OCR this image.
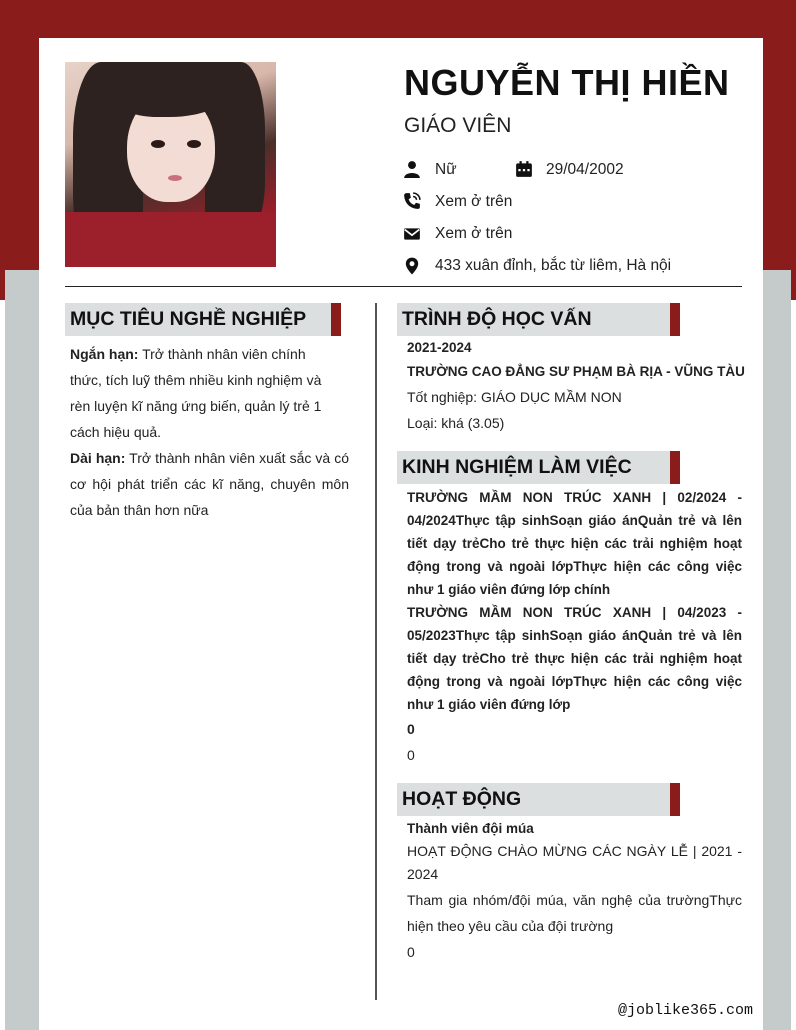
NGUYỄN THỊ HIỀN
GIÁO VIÊN
Nữ	29/04/2002
Xem ở trên
Xem ở trên
433 xuân đỉnh, bắc từ liêm, Hà nội
MỤC TIÊU NGHỀ NGHIỆP
Ngắn hạn: Trở thành nhân viên chính thức, tích luỹ thêm nhiều kinh nghiệm và rèn luyện kĩ năng ứng biến, quản lý trẻ 1 cách hiệu quả.
Dài hạn: Trở thành nhân viên xuất sắc và có cơ hội phát triển các kĩ năng, chuyên môn của bản thân hơn nữa
TRÌNH ĐỘ HỌC VẤN
2021-2024
TRƯỜNG CAO ĐẲNG SƯ PHẠM BÀ RỊA - VŨNG TÀU
Tốt nghiệp: GIÁO DỤC MẦM NON
Loại: khá (3.05)
KINH NGHIỆM LÀM VIỆC
TRƯỜNG MẦM NON TRÚC XANH | 02/2024 - 04/2024Thực tập sinhSoạn giáo ánQuản trẻ và lên tiết dạy trẻCho trẻ thực hiện các trải nghiệm hoạt động trong và ngoài lớpThực hiện các công việc như 1 giáo viên đứng lớp chính
TRƯỜNG MẦM NON TRÚC XANH | 04/2023 - 05/2023Thực tập sinhSoạn giáo ánQuản trẻ và lên tiết dạy trẻCho trẻ thực hiện các trải nghiệm hoạt động trong và ngoài lớpThực hiện các công việc như 1 giáo viên đứng lớp
0
0
HOẠT ĐỘNG
Thành viên đội múa
HOẠT ĐỘNG CHÀO MỪNG CÁC NGÀY LỄ | 2021 - 2024
Tham gia nhóm/đội múa, văn nghệ của trườngThực hiện theo yêu cầu của đội trường
0
@joblike365.com
